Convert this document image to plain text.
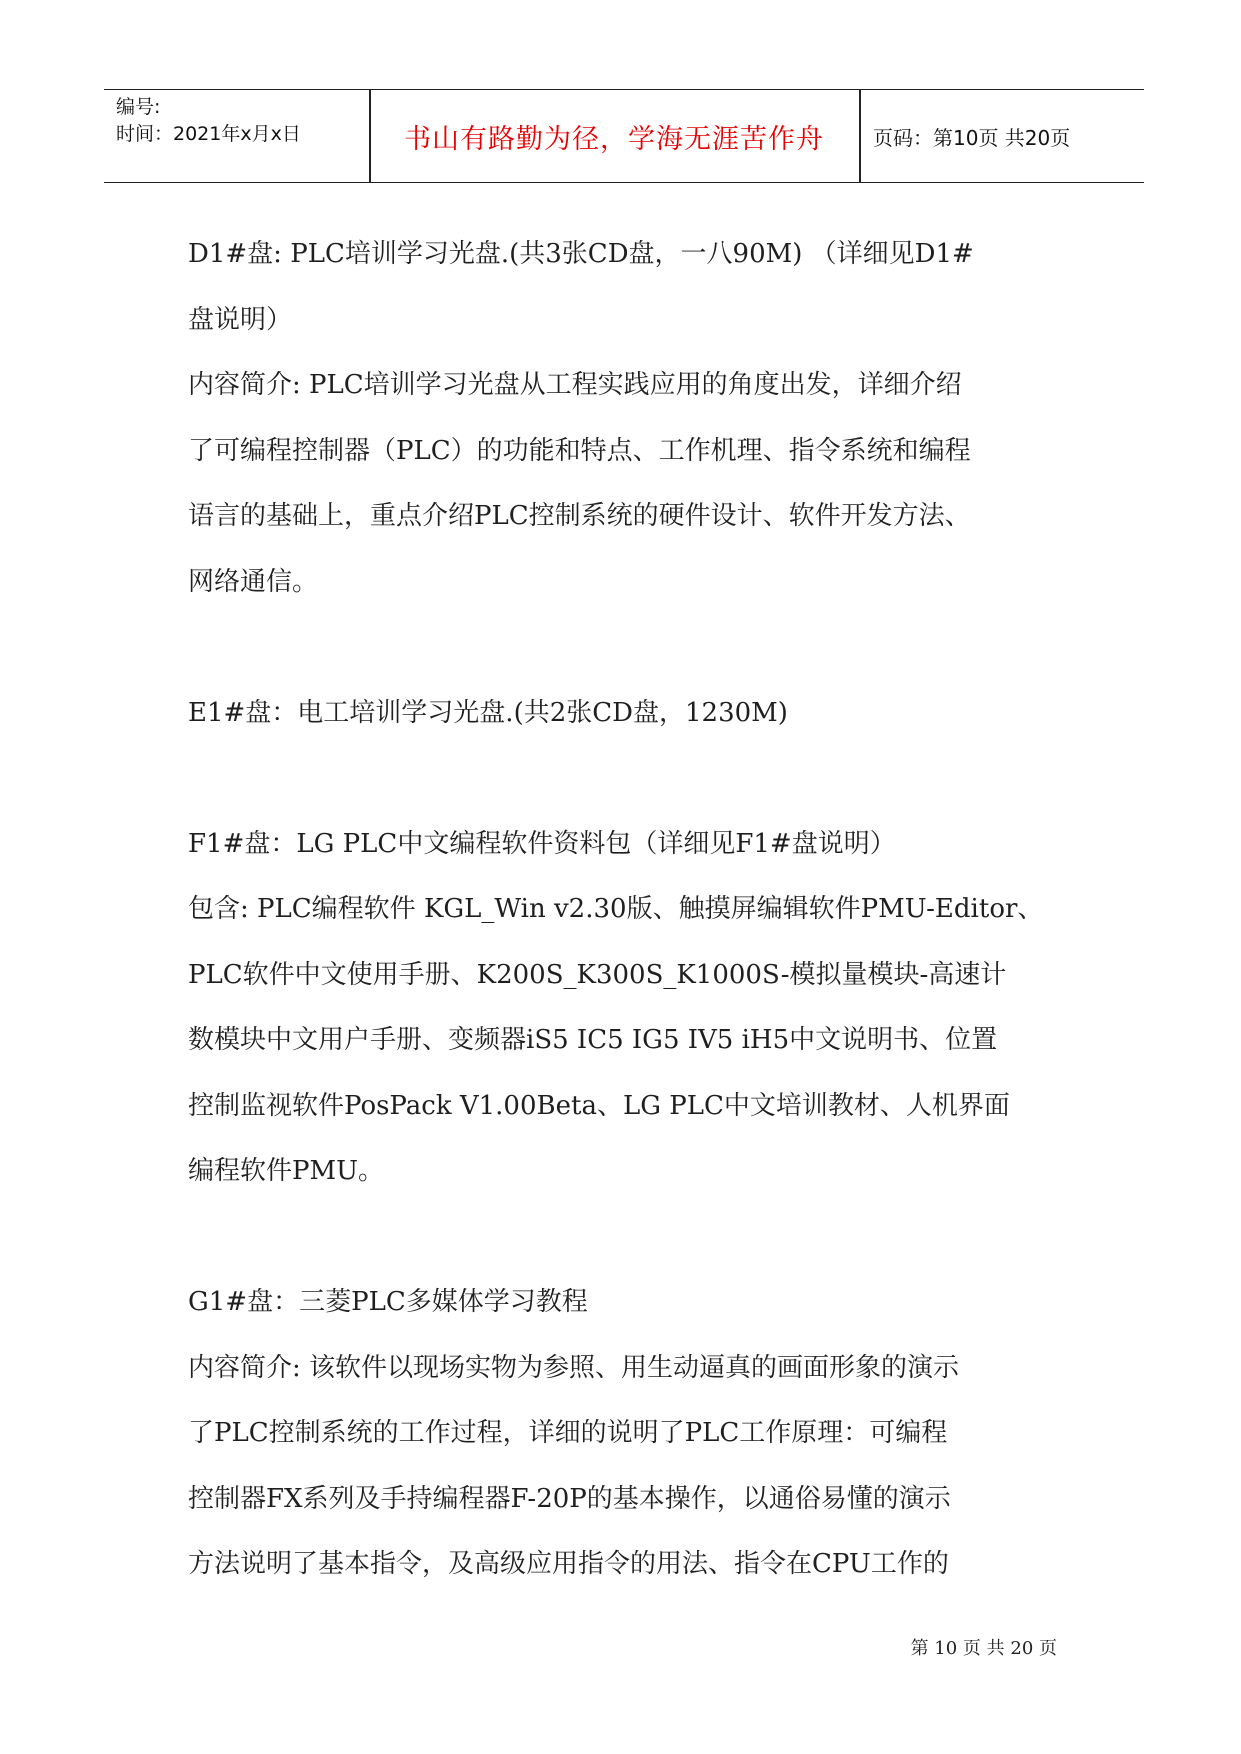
编号:
时间：2021年x月x日	书山有路勤为径，学海无涯苦作舟	页码：第10页 共20页
D1#盘: PLC培训学习光盘.(共3张CD盘，一八90M) （详细见D1#
盘说明）
内容简介: PLC培训学习光盘从工程实践应用的角度出发，详细介绍
了可编程控制器（PLC）的功能和特点、工作机理、指令系统和编程
语言的基础上，重点介绍PLC控制系统的硬件设计、软件开发方法、
网络通信。
E1#盘：电工培训学习光盘.(共2张CD盘，1230M)
F1#盘：LG PLC中文编程软件资料包（详细见F1#盘说明）
包含: PLC编程软件 KGL_Win v2.30版、触摸屏编辑软件PMU-Editor、
PLC软件中文使用手册、K200S_K300S_K1000S-模拟量模块-高速计
数模块中文用户手册、变频器iS5 IC5 IG5 IV5 iH5中文说明书、位置
控制监视软件PosPack V1.00Beta、LG PLC中文培训教材、人机界面
编程软件PMU。
G1#盘：三菱PLC多媒体学习教程
内容简介: 该软件以现场实物为参照、用生动逼真的画面形象的演示
了PLC控制系统的工作过程，详细的说明了PLC工作原理：可编程
控制器FX系列及手持编程器F-20P的基本操作，以通俗易懂的演示
方法说明了基本指令，及高级应用指令的用法、指令在CPU工作的
第 10 页 共 20 页
